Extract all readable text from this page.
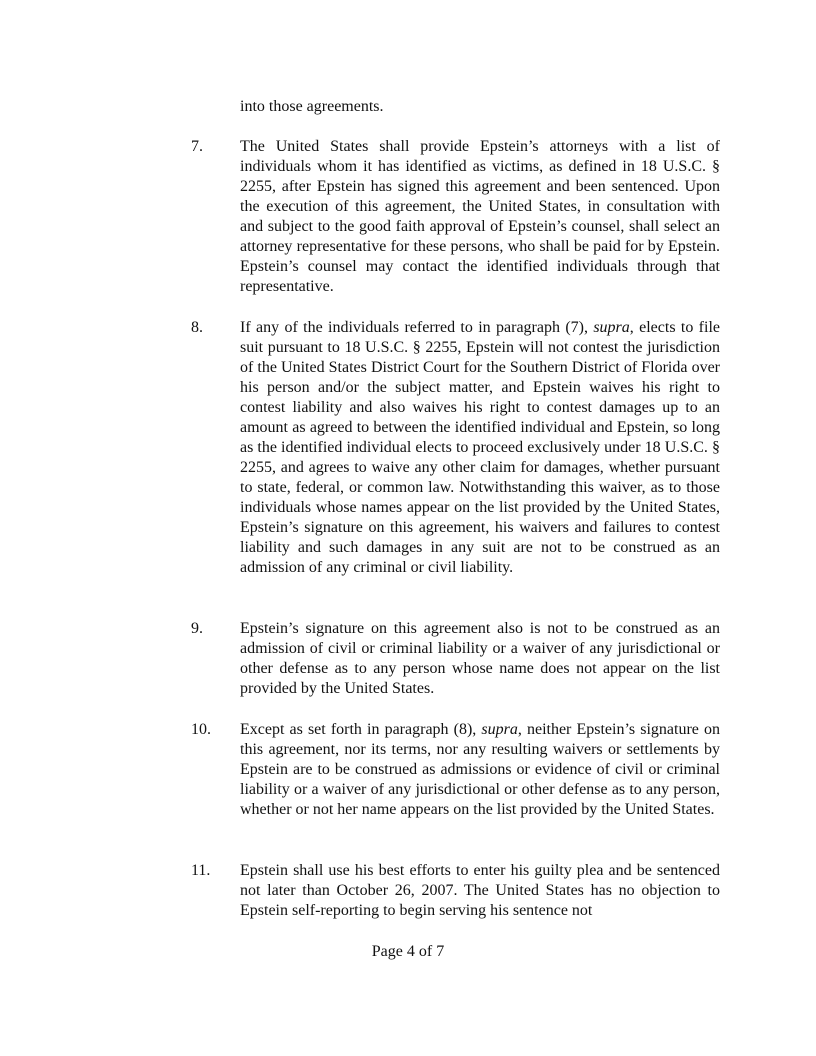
into those agreements.

7. The United States shall provide Epstein’s attorneys with a list of individuals whom it has identified as victims, as defined in 18 U.S.C. § 2255, after Epstein has signed this agreement and been sentenced. Upon the execution of this agreement, the United States, in consultation with and subject to the good faith approval of Epstein’s counsel, shall select an attorney representative for these persons, who shall be paid for by Epstein. Epstein’s counsel may contact the identified individuals through that representative.

8. If any of the individuals referred to in paragraph (7), supra, elects to file suit pursuant to 18 U.S.C. § 2255, Epstein will not contest the jurisdiction of the United States District Court for the Southern District of Florida over his person and/or the subject matter, and Epstein waives his right to contest liability and also waives his right to contest damages up to an amount as agreed to between the identified individual and Epstein, so long as the identified individual elects to proceed exclusively under 18 U.S.C. § 2255, and agrees to waive any other claim for damages, whether pursuant to state, federal, or common law. Notwithstanding this waiver, as to those individuals whose names appear on the list provided by the United States, Epstein’s signature on this agreement, his waivers and failures to contest liability and such damages in any suit are not to be construed as an admission of any criminal or civil liability.

9. Epstein’s signature on this agreement also is not to be construed as an admission of civil or criminal liability or a waiver of any jurisdictional or other defense as to any person whose name does not appear on the list provided by the United States.

10. Except as set forth in paragraph (8), supra, neither Epstein’s signature on this agreement, nor its terms, nor any resulting waivers or settlements by Epstein are to be construed as admissions or evidence of civil or criminal liability or a waiver of any jurisdictional or other defense as to any person, whether or not her name appears on the list provided by the United States.

11. Epstein shall use his best efforts to enter his guilty plea and be sentenced not later than October 26, 2007. The United States has no objection to Epstein self-reporting to begin serving his sentence not

Page 4 of 7
